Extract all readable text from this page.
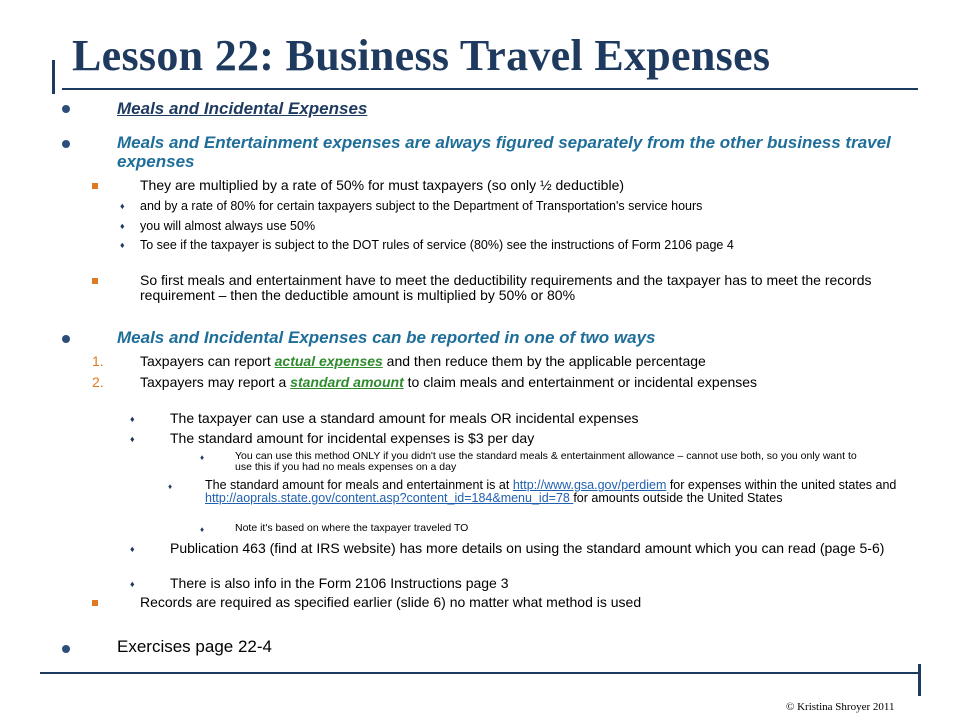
Lesson 22: Business Travel Expenses
Meals and Incidental Expenses
Meals and Entertainment expenses are always figured separately from the other business travel expenses
They are multiplied by a rate of 50% for must taxpayers (so only ½ deductible)
♦ and by a rate of 80% for certain taxpayers subject to the Department of Transportation's service hours
♦ you will almost always use 50%
♦ To see if the taxpayer is subject to the DOT rules of service (80%) see the instructions of Form 2106 page 4
So first meals and entertainment have to meet the deductibility requirements and the taxpayer has to meet the records requirement – then the deductible amount is multiplied by 50% or 80%
Meals and Incidental Expenses can be reported in one of two ways
1.	Taxpayers can report actual expenses and then reduce them by the applicable percentage
2.	Taxpayers may report a standard amount to claim meals and entertainment or incidental expenses
♦	The taxpayer can use a standard amount for meals OR incidental expenses
♦	The standard amount for incidental expenses is $3 per day
♦	You can use this method ONLY if you didn't use the standard meals & entertainment allowance – cannot use both, so you only want to use this if you had no meals expenses on a day
♦	The standard amount for meals and entertainment is at http://www.gsa.gov/perdiem for expenses within the united states and http://aoprals.state.gov/content.asp?content_id=184&menu_id=78 for amounts outside the United States
♦	Note it's based on where the taxpayer traveled TO
♦	Publication 463 (find at IRS website) has more details on using the standard amount which you can read (page 5-6)
♦	There is also info in the Form 2106 Instructions page 3
Records are required as specified earlier (slide 6) no matter what method is used
Exercises page 22-4
© Kristina Shroyer 2011
